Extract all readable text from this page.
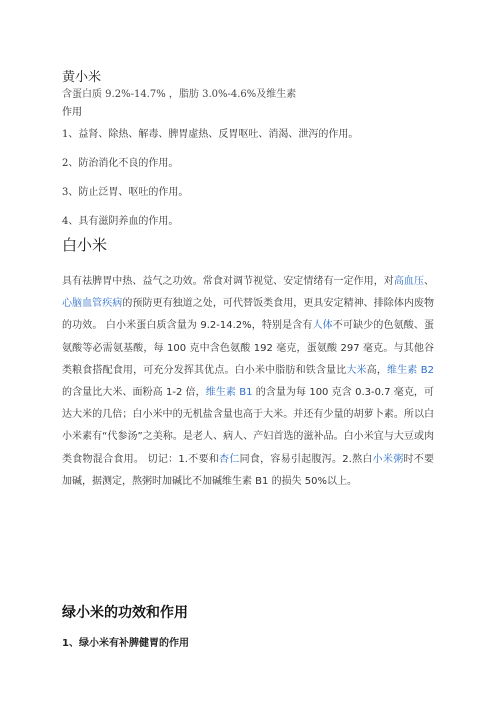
黄小米
含蛋白质 9.2%-14.7% ，脂肪 3.0%-4.6%及维生素
作用
1、益肾、除热、解毒、脾胃虚热、反胃呕吐、消渴、泄泻的作用。
2、防治消化不良的作用。
3、防止泛胃、呕吐的作用。
4、具有滋阴养血的作用。
白小米
具有祛脾胃中热、益气之功效。常食对调节视觉、安定情绪有一定作用，对高血压、心脑血管疾病的预防更有独道之处，可代替饭类食用，更具安定精神、排除体内废物的功效。 白小米蛋白质含量为 9.2-14.2%，特别是含有人体不可缺少的色氨酸、蛋氨酸等必需氨基酸，每 100 克中含色氨酸 192 毫克，蛋氨酸 297 毫克。与其他谷类粮食搭配食用，可充分发挥其优点。白小米中脂肪和铁含量比大米高，维生素 B2 的含量比大米、面粉高 1-2 倍，维生素 B1 的含量为每 100 克含 0.3-0.7 毫克，可达大米的几倍；白小米中的无机盐含量也高于大米。并还有少量的胡萝卜素。所以白小米素有“代参汤”之美称。是老人、病人、产妇首选的滋补品。白小米宜与大豆或肉类食物混合食用。 切记：1.不要和杏仁同食，容易引起腹泻。2.熬白小米粥时不要加碱，据测定，熬粥时加碱比不加碱维生素 B1 的损失 50%以上。
绿小米的功效和作用
1、绿小米有补脾健胃的作用
